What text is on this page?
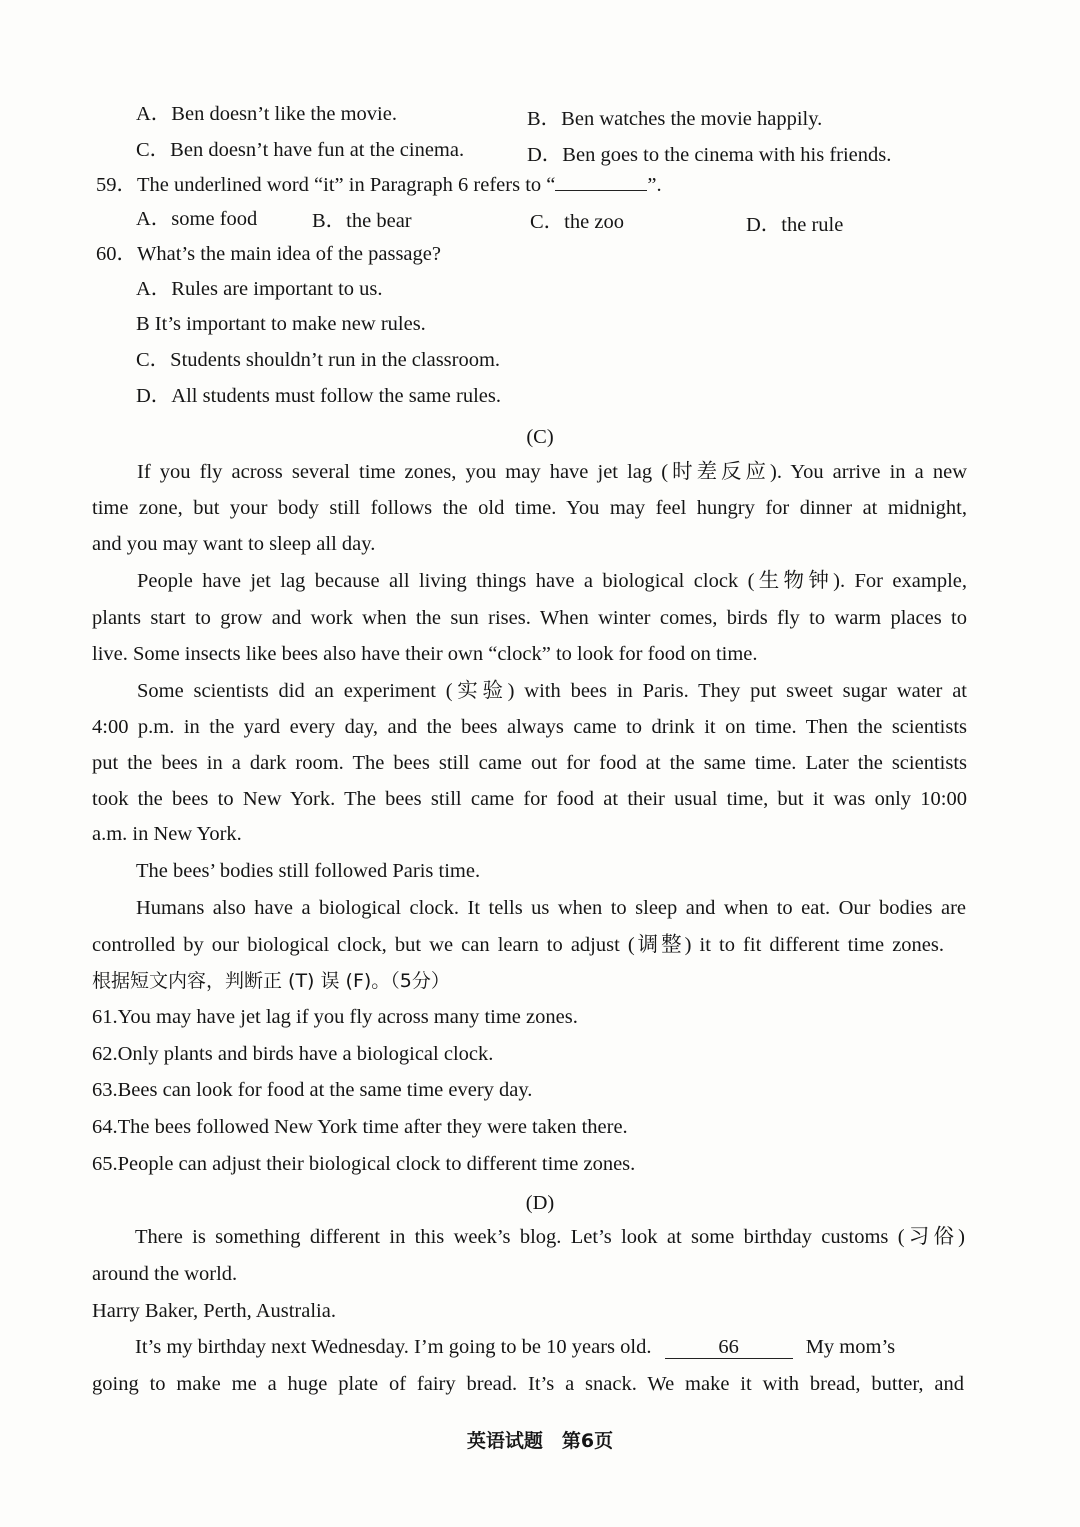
A．Ben doesn’t like the movie.	B．Ben watches the movie happily.
C．Ben doesn’t have fun at the cinema.	D．Ben goes to the cinema with his friends.
59．The underlined word “it” in Paragraph 6 refers to “	”.
A．some food	B．the bear	C．the zoo	D．the rule
60．What’s the main idea of the passage?
A．Rules are important to us.
B It’s important to make new rules.
C．Students shouldn’t run in the classroom.
D．All students must follow the same rules.
(C)

If you fly across several time zones, you may have jet lag (时差反应). You arrive in a new

time zone, but your body still follows the old time. You may feel hungry for dinner at midnight,

and you may want to sleep all day.

People have jet lag because all living things have a biological clock (生物钟). For example,

plants start to grow and work when the sun rises. When winter comes, birds fly to warm places to

live. Some insects like bees also have their own “clock” to look for food on time.

Some scientists did an experiment (实验) with bees in Paris. They put sweet sugar water at

4:00 p.m. in the yard every day, and the bees always came to drink it on time. Then the scientists

put the bees in a dark room. The bees still came out for food at the same time. Later the scientists

took the bees to New York. The bees still came for food at their usual time, but it was only 10:00

a.m. in New York.

The bees’ bodies still followed Paris time.

Humans also have a biological clock. It tells us when to sleep and when to eat. Our bodies are

controlled by our biological clock, but we can learn to adjust (调整) it to fit different time zones.

根据短文内容，判断正 (T) 误 (F)。（5分）

61.You may have jet lag if you fly across many time zones.

62.Only plants and birds have a biological clock.

63.Bees can look for food at the same time every day.

64.The bees followed New York time after they were taken there.

65.People can adjust their biological clock to different time zones.

(D)

There is something different in this week’s blog. Let’s look at some birthday customs (习俗)

around the world.

Harry Baker, Perth, Australia.

It’s my birthday next Wednesday. I’m going to be 10 years old.	66	My mom’s

going to make me a huge plate of fairy bread. It’s a snack. We make it with bread, butter, and

英语试题　第6页
